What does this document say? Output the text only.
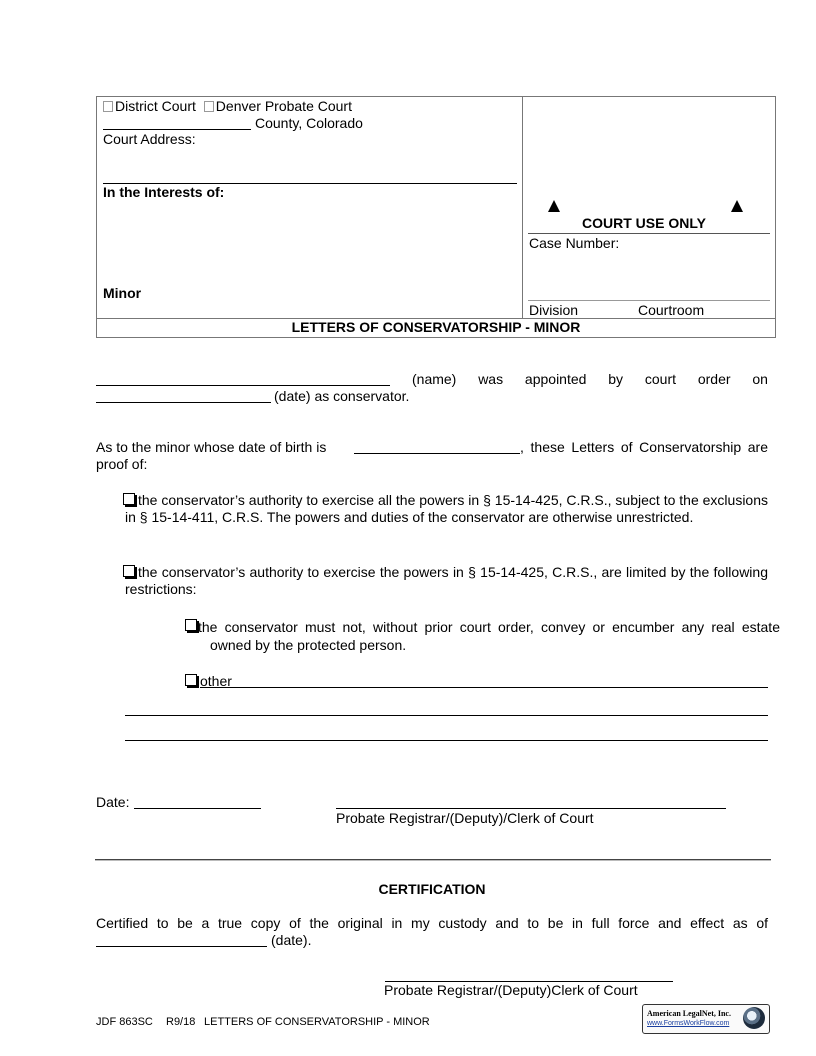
District Court Denver Probate Court
County, Colorado
Court Address:
In the Interests of:
Minor
COURT USE ONLY
Case Number:
Division	Courtroom
LETTERS OF CONSERVATORSHIP - MINOR
(name) was appointed by court order on
(date) as conservator.
As to the minor whose date of birth is	, these Letters of Conservatorship are
proof of:
the conservator’s authority to exercise all the powers in § 15-14-425, C.R.S., subject to the exclusions in § 15-14-411, C.R.S. The powers and duties of the conservator are otherwise unrestricted.
the conservator’s authority to exercise the powers in § 15-14-425, C.R.S., are limited by the following restrictions:
the conservator must not, without prior court order, convey or encumber any real estate owned by the protected person.
other
Date:
Probate Registrar/(Deputy)/Clerk of Court
CERTIFICATION
Certified to be a true copy of the original in my custody and to be in full force and effect as of
(date).
Probate Registrar/(Deputy)Clerk of Court
JDF 863SC R9/18 LETTERS OF CONSERVATORSHIP - MINOR
American LegalNet, Inc.
www.FormsWorkFlow.com
